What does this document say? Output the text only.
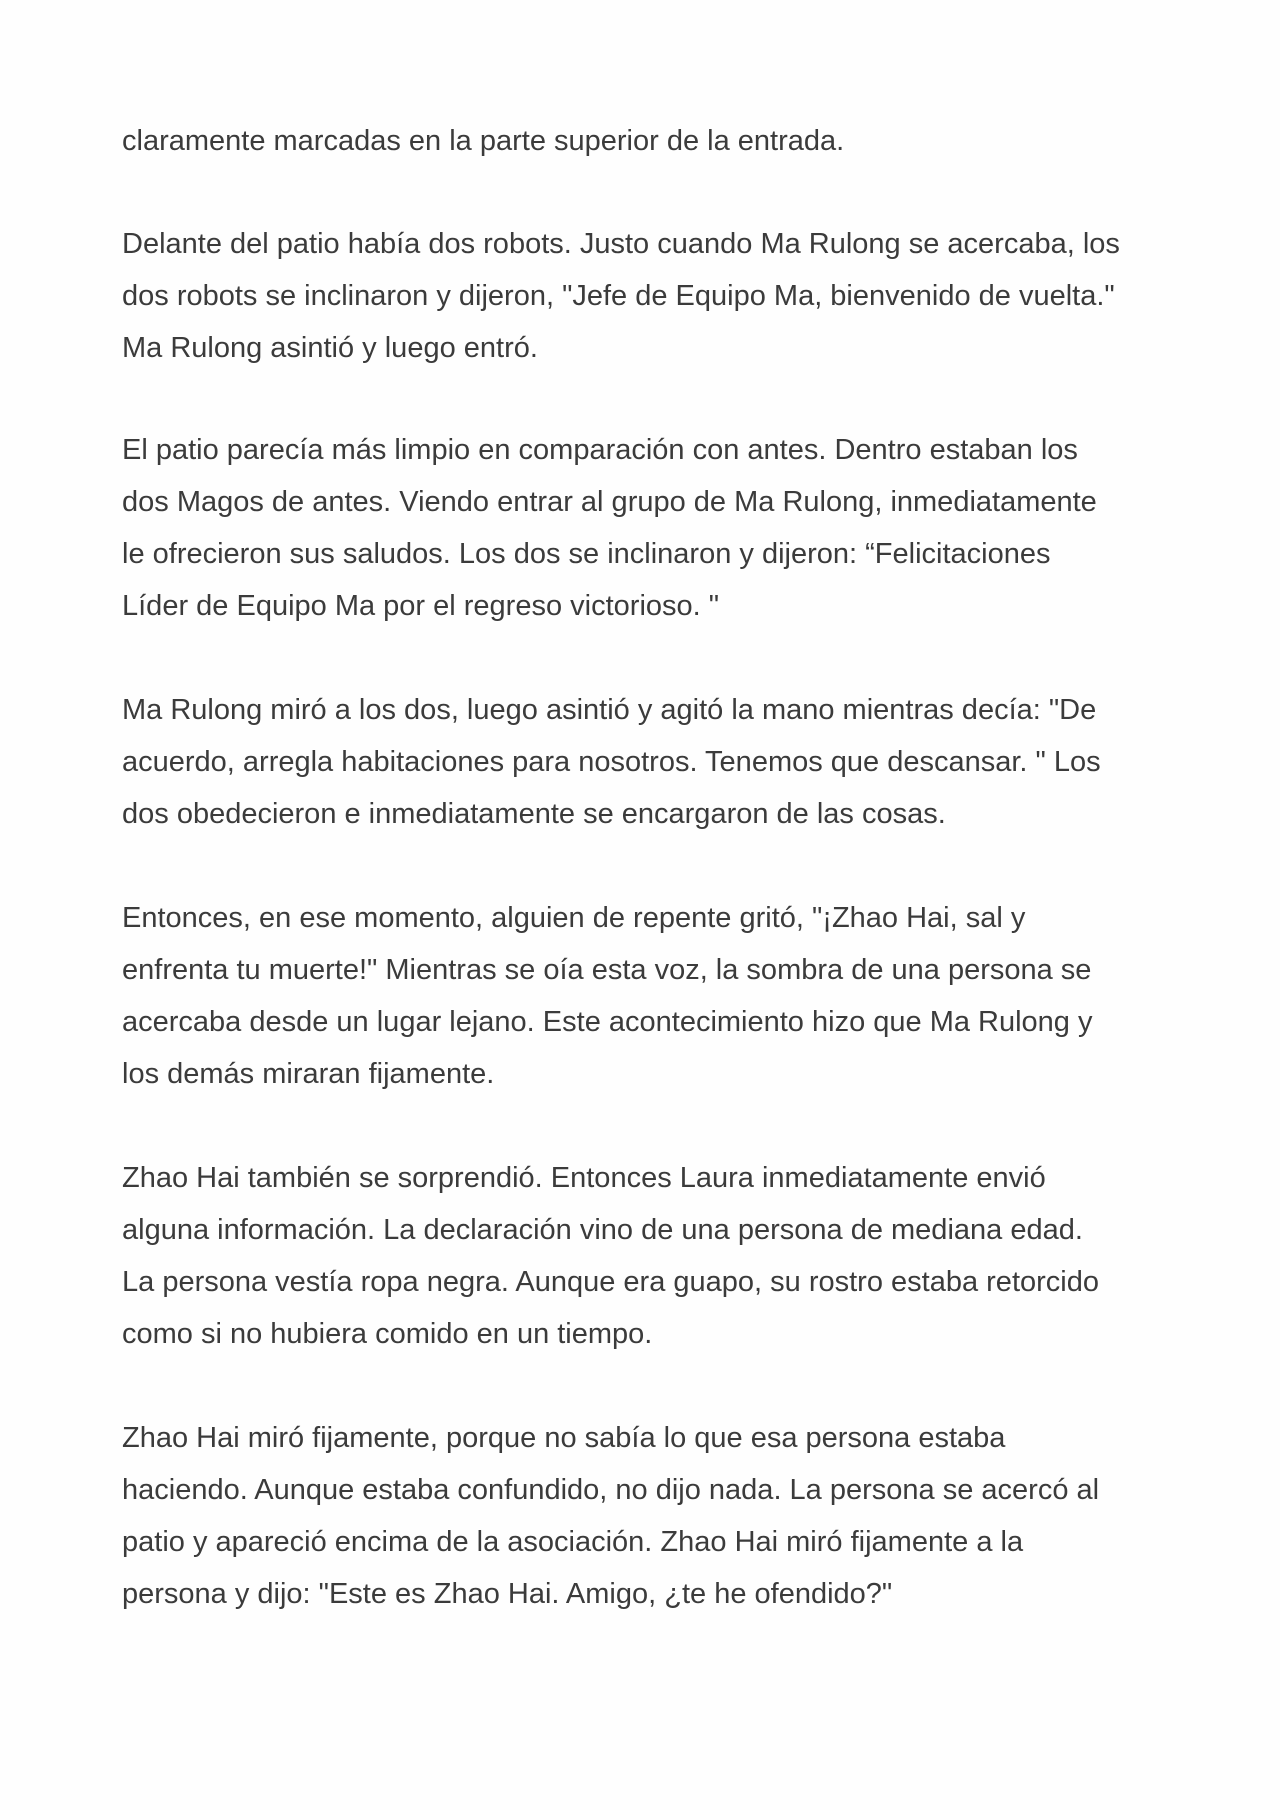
claramente marcadas en la parte superior de la entrada.

Delante del patio había dos robots. Justo cuando Ma Rulong se acercaba, los
dos robots se inclinaron y dijeron, "Jefe de Equipo Ma, bienvenido de vuelta."
Ma Rulong asintió y luego entró.

El patio parecía más limpio en comparación con antes. Dentro estaban los
dos Magos de antes. Viendo entrar al grupo de Ma Rulong, inmediatamente
le ofrecieron sus saludos. Los dos se inclinaron y dijeron: “Felicitaciones
Líder de Equipo Ma por el regreso victorioso. "

Ma Rulong miró a los dos, luego asintió y agitó la mano mientras decía: "De
acuerdo, arregla habitaciones para nosotros. Tenemos que descansar. " Los
dos obedecieron e inmediatamente se encargaron de las cosas.

Entonces, en ese momento, alguien de repente gritó, "¡Zhao Hai, sal y
enfrenta tu muerte!" Mientras se oía esta voz, la sombra de una persona se
acercaba desde un lugar lejano. Este acontecimiento hizo que Ma Rulong y
los demás miraran fijamente.

Zhao Hai también se sorprendió. Entonces Laura inmediatamente envió
alguna información. La declaración vino de una persona de mediana edad.
La persona vestía ropa negra. Aunque era guapo, su rostro estaba retorcido
como si no hubiera comido en un tiempo.

Zhao Hai miró fijamente, porque no sabía lo que esa persona estaba
haciendo. Aunque estaba confundido, no dijo nada. La persona se acercó al
patio y apareció encima de la asociación. Zhao Hai miró fijamente a la
persona y dijo: "Este es Zhao Hai. Amigo, ¿te he ofendido?"
